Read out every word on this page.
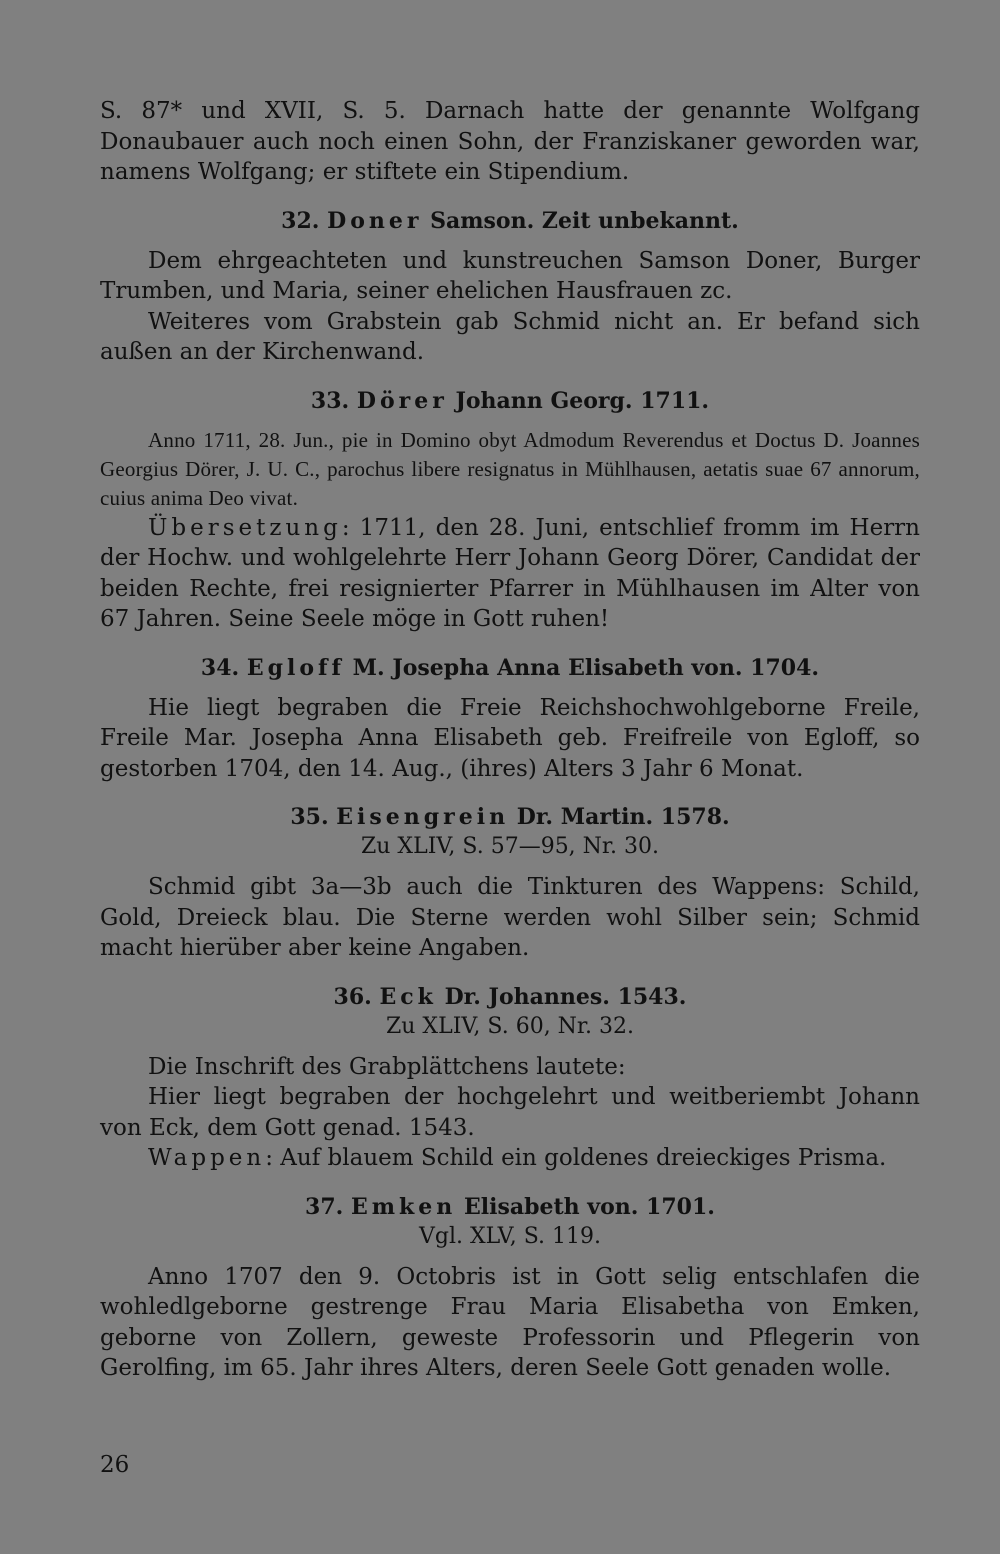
S. 87* und XVII, S. 5. Darnach hatte der genannte Wolfgang Donaubauer auch noch einen Sohn, der Franziskaner geworden war, namens Wolfgang; er stiftete ein Stipendium.

32. Doner Samson. Zeit unbekannt.

Dem ehrgeachteten und kunstreuchen Samson Doner, Burger Trumben, und Maria, seiner ehelichen Hausfrauen zc.

Weiteres vom Grabstein gab Schmid nicht an. Er befand sich außen an der Kirchenwand.

33. Dörer Johann Georg. 1711.

Anno 1711, 28. Jun., pie in Domino obyt Admodum Reverendus et Doctus D. Joannes Georgius Dörer, J. U. C., parochus libere resignatus in Mühlhausen, aetatis suae 67 annorum, cuius anima Deo vivat.

Übersetzung: 1711, den 28. Juni, entschlief fromm im Herrn der Hochw. und wohlgelehrte Herr Johann Georg Dörer, Candidat der beiden Rechte, frei resignierter Pfarrer in Mühlhausen im Alter von 67 Jahren. Seine Seele möge in Gott ruhen!

34. Egloff M. Josepha Anna Elisabeth von. 1704.

Hie liegt begraben die Freie Reichshochwohlgeborne Freile, Freile Mar. Josepha Anna Elisabeth geb. Freifreile von Egloff, so gestorben 1704, den 14. Aug., (ihres) Alters 3 Jahr 6 Monat.

35. Eisengrein Dr. Martin. 1578.
Zu XLIV, S. 57—95, Nr. 30.

Schmid gibt 3a—3b auch die Tinkturen des Wappens: Schild, Gold, Dreieck blau. Die Sterne werden wohl Silber sein; Schmid macht hierüber aber keine Angaben.

36. Eck Dr. Johannes. 1543.
Zu XLIV, S. 60, Nr. 32.

Die Inschrift des Grabplättchens lautete:

Hier liegt begraben der hochgelehrt und weitberiembt Johann von Eck, dem Gott genad. 1543.

Wappen: Auf blauem Schild ein goldenes dreieckiges Prisma.

37. Emken Elisabeth von. 1701.
Vgl. XLV, S. 119.

Anno 1707 den 9. Octobris ist in Gott selig entschlafen die wohledlgeborne gestrenge Frau Maria Elisabetha von Emken, geborne von Zollern, geweste Professorin und Pflegerin von Gerolfing, im 65. Jahr ihres Alters, deren Seele Gott genaden wolle.

26
